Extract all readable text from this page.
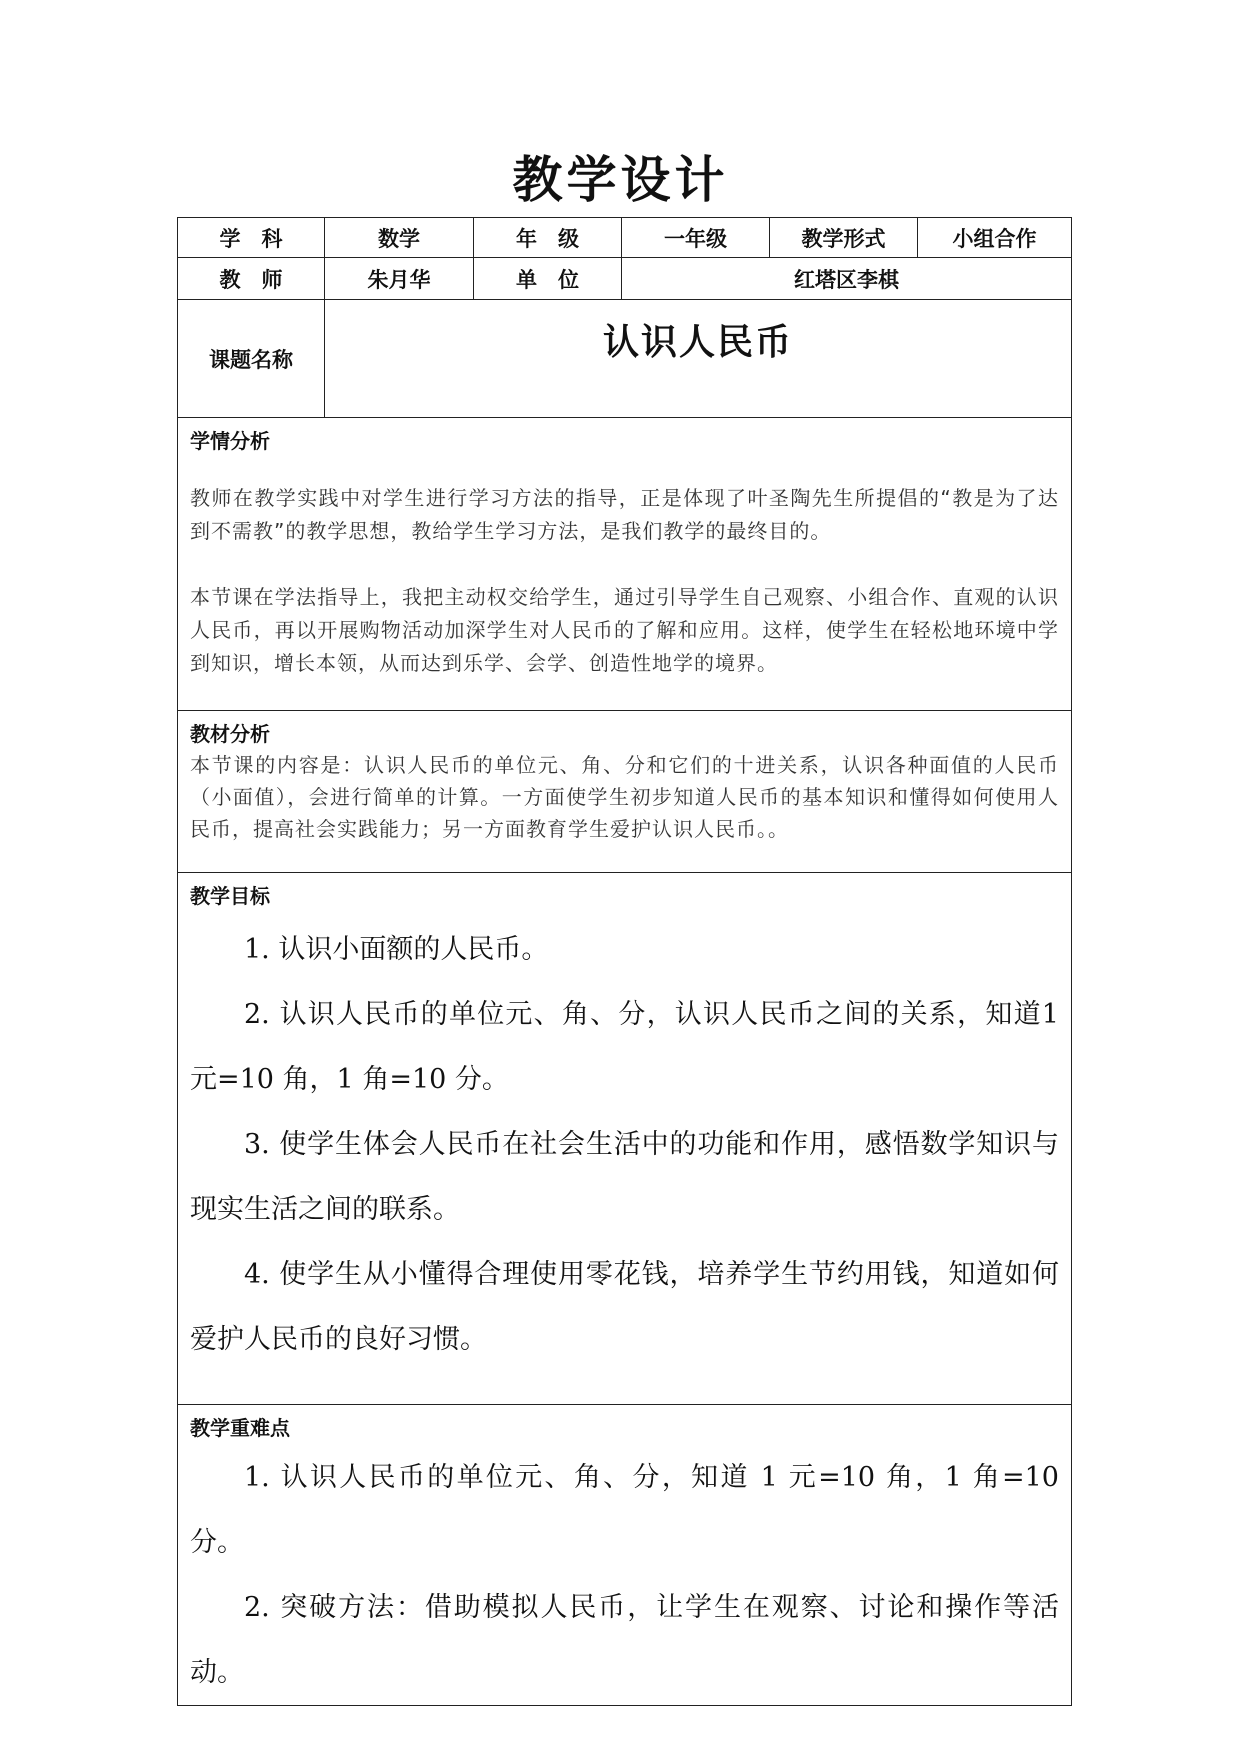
教学设计
学　科	数学	年　级	一年级	教学形式	小组合作
教　师	朱月华	单　位	红塔区李棋		
课题名称	认识人民币				

学情分析

教师在教学实践中对学生进行学习方法的指导，正是体现了叶圣陶先生所提倡的“教是为了达到不需教”的教学思想，教给学生学习方法，是我们教学的最终目的。

本节课在学法指导上，我把主动权交给学生，通过引导学生自己观察、小组合作、直观的认识人民币，再以开展购物活动加深学生对人民币的了解和应用。这样，使学生在轻松地环境中学到知识，增长本领，从而达到乐学、会学、创造性地学的境界。					

教材分析

本节课的内容是：认识人民币的单位元、角、分和它们的十进关系，认识各种面值的人民币（小面值），会进行简单的计算。一方面使学生初步知道人民币的基本知识和懂得如何使用人民币，提高社会实践能力；另一方面教育学生爱护认识人民币。。					

教学目标

1. 认识小面额的人民币。

2. 认识人民币的单位元、角、分，认识人民币之间的关系，知道1 元=10 角，1 角=10 分。

3. 使学生体会人民币在社会生活中的功能和作用，感悟数学知识与现实生活之间的联系。

4. 使学生从小懂得合理使用零花钱，培养学生节约用钱，知道如何爱护人民币的良好习惯。					

教学重难点

1. 认识人民币的单位元、角、分，知道 1 元=10 角，1 角=10 分。

2. 突破方法：借助模拟人民币，让学生在观察、讨论和操作等活动。					
